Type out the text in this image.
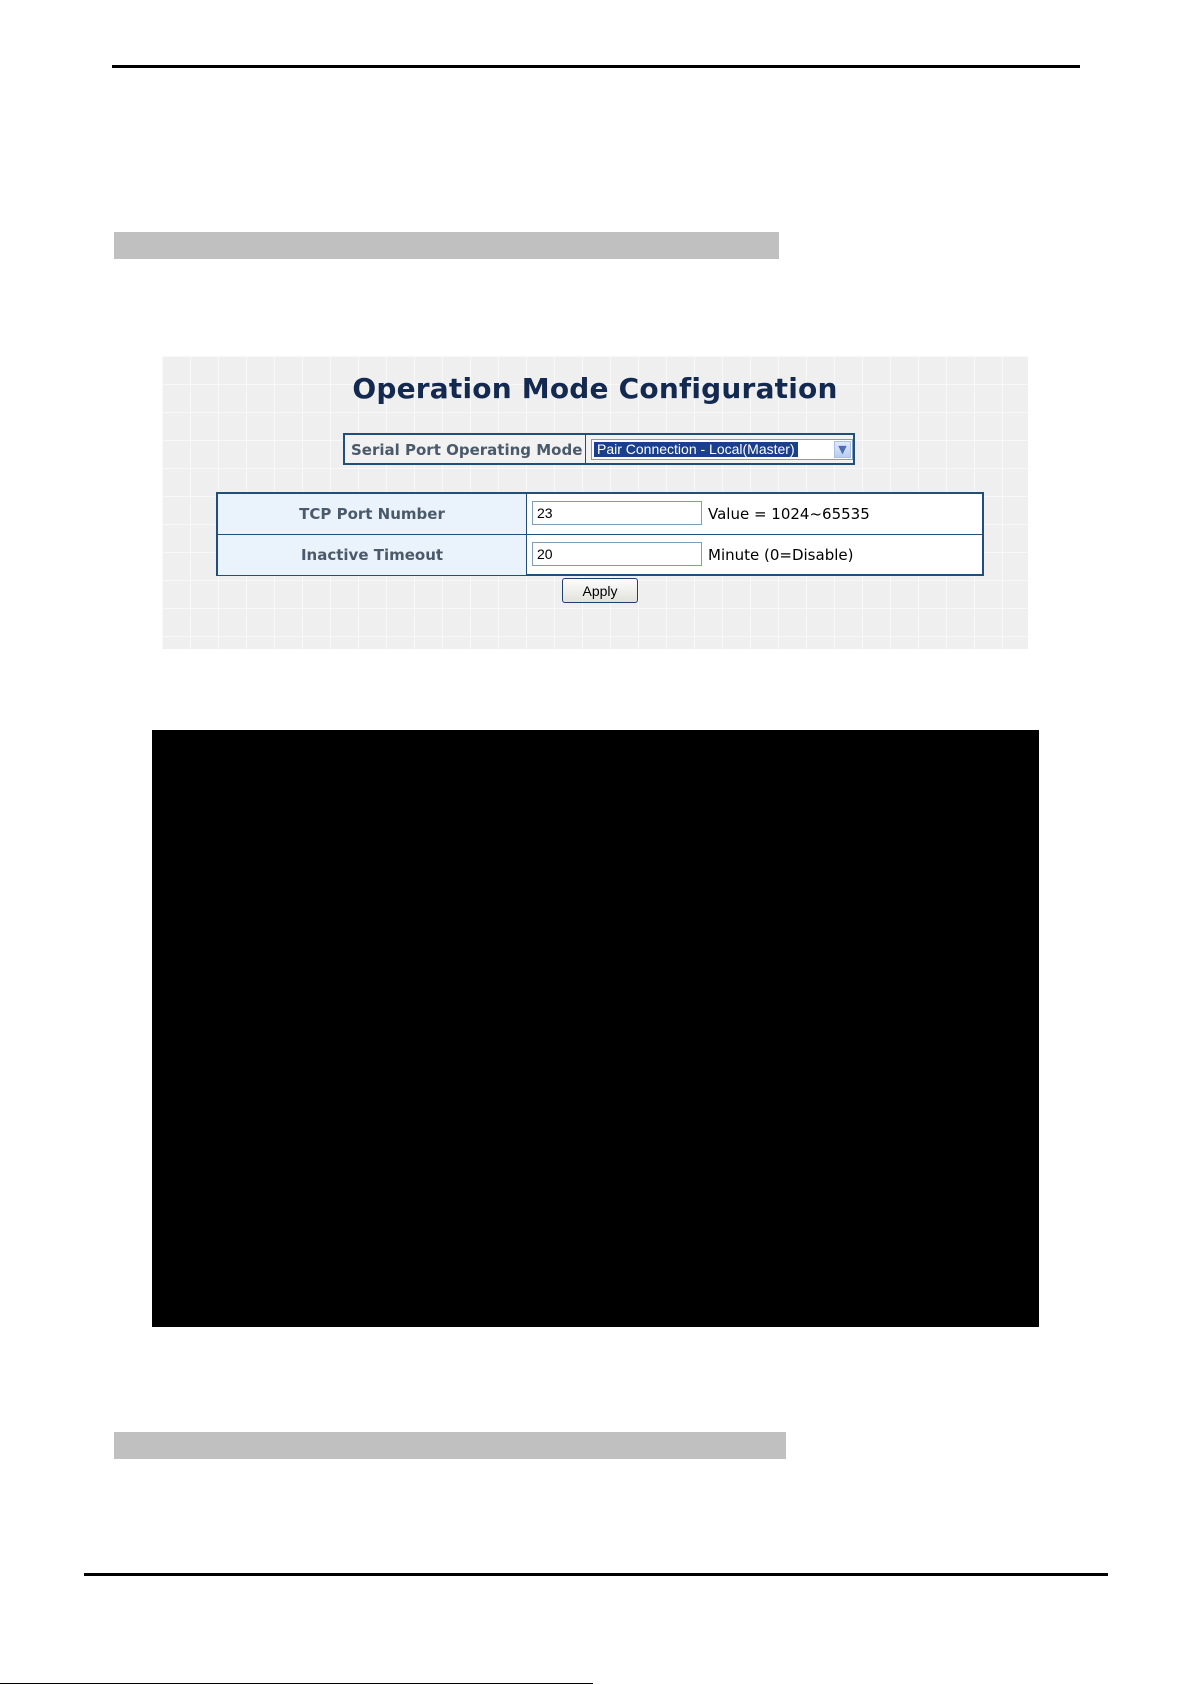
Operation Mode Configuration
Serial Port Operating Mode Pair Connection - Local(Master)	▼
TCP Port Number	23	Value = 1024~65535
Inactive Timeout	20	Minute (0=Disable)
Apply
